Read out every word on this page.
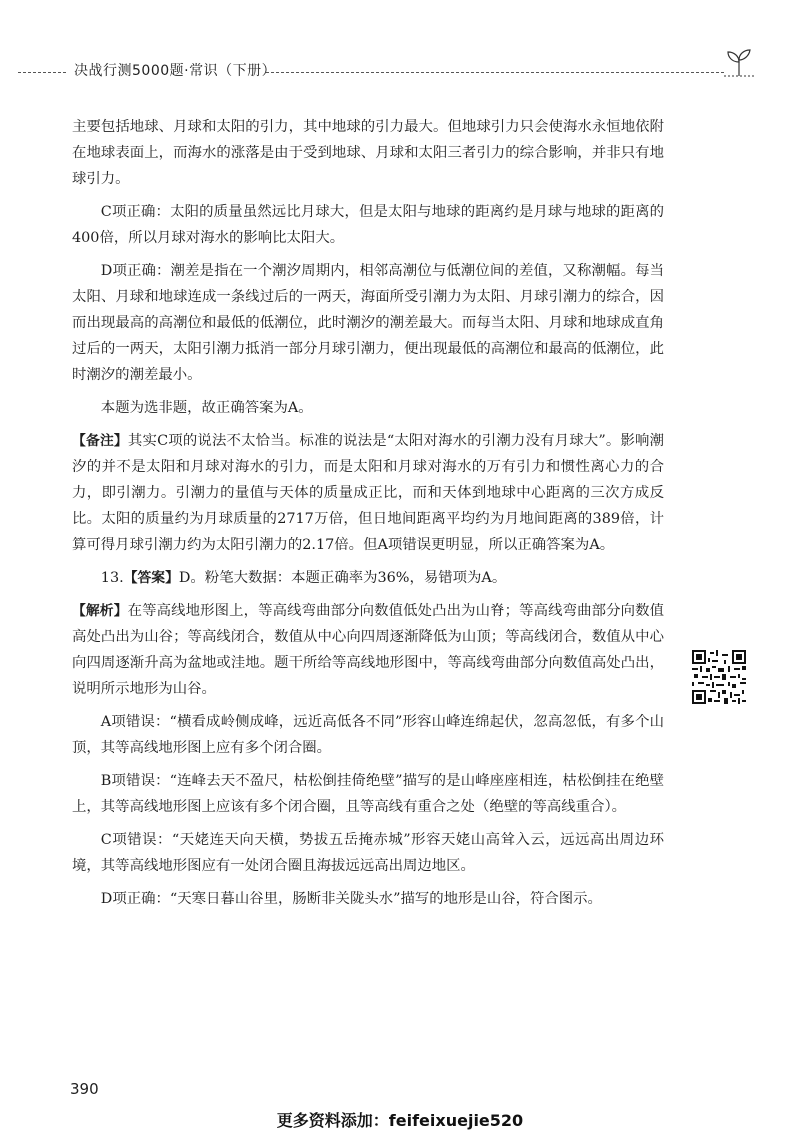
决战行测5000题·常识（下册）

主要包括地球、月球和太阳的引力，其中地球的引力最大。但地球引力只会使海水永恒地依附在地球表面上，而海水的涨落是由于受到地球、月球和太阳三者引力的综合影响，并非只有地球引力。

C项正确：太阳的质量虽然远比月球大，但是太阳与地球的距离约是月球与地球的距离的400倍，所以月球对海水的影响比太阳大。

D项正确：潮差是指在一个潮汐周期内，相邻高潮位与低潮位间的差值，又称潮幅。每当太阳、月球和地球连成一条线过后的一两天，海面所受引潮力为太阳、月球引潮力的综合，因而出现最高的高潮位和最低的低潮位，此时潮汐的潮差最大。而每当太阳、月球和地球成直角过后的一两天，太阳引潮力抵消一部分月球引潮力，便出现最低的高潮位和最高的低潮位，此时潮汐的潮差最小。

本题为选非题，故正确答案为A。

【备注】其实C项的说法不太恰当。标准的说法是“太阳对海水的引潮力没有月球大”。影响潮汐的并不是太阳和月球对海水的引力，而是太阳和月球对海水的万有引力和惯性离心力的合力，即引潮力。引潮力的量值与天体的质量成正比，而和天体到地球中心距离的三次方成反比。太阳的质量约为月球质量的2717万倍，但日地间距离平均约为月地间距离的389倍，计算可得月球引潮力约为太阳引潮力的2.17倍。但A项错误更明显，所以正确答案为A。

13.【答案】D。粉笔大数据：本题正确率为36%，易错项为A。

【解析】在等高线地形图上，等高线弯曲部分向数值低处凸出为山脊；等高线弯曲部分向数值高处凸出为山谷；等高线闭合，数值从中心向四周逐渐降低为山顶；等高线闭合，数值从中心向四周逐渐升高为盆地或洼地。题干所给等高线地形图中，等高线弯曲部分向数值高处凸出，说明所示地形为山谷。

A项错误：“横看成岭侧成峰，远近高低各不同”形容山峰连绵起伏，忽高忽低，有多个山顶，其等高线地形图上应有多个闭合圈。

B项错误：“连峰去天不盈尺，枯松倒挂倚绝壁”描写的是山峰座座相连，枯松倒挂在绝壁上，其等高线地形图上应该有多个闭合圈，且等高线有重合之处（绝壁的等高线重合）。

C项错误：“天姥连天向天横，势拔五岳掩赤城”形容天姥山高耸入云，远远高出周边环境，其等高线地形图应有一处闭合圈且海拔远远高出周边地区。

D项正确：“天寒日暮山谷里，肠断非关陇头水”描写的地形是山谷，符合图示。

390
更多资料添加：feifeixuejie520
